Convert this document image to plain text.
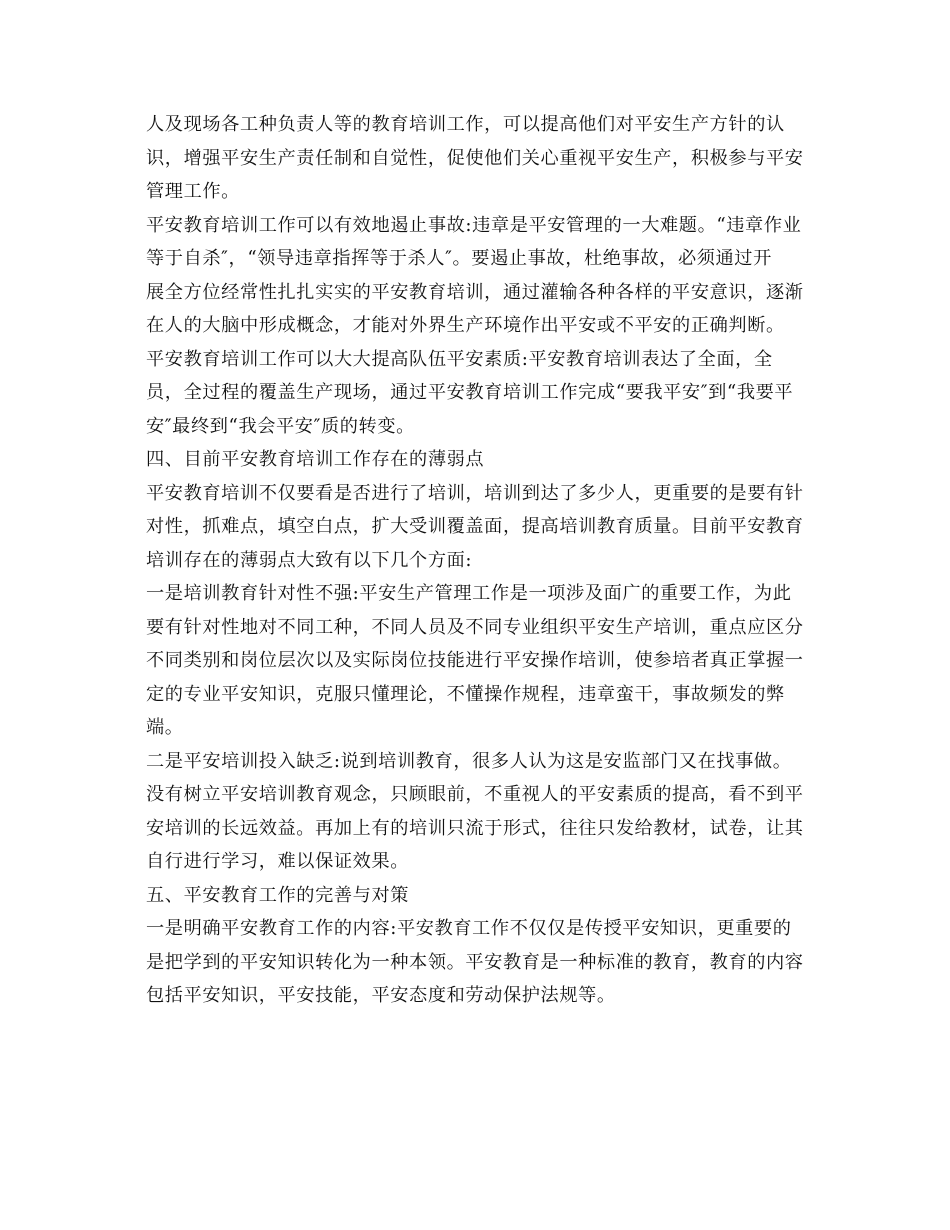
人及现场各工种负责人等的教育培训工作，可以提高他们对平安生产方针的认
识，增强平安生产责任制和自觉性，促使他们关心重视平安生产，积极参与平安
管理工作。
平安教育培训工作可以有效地遏止事故:违章是平安管理的一大难题。“违章作业
等于自杀″，“领导违章指挥等于杀人″。要遏止事故，杜绝事故，必须通过开
展全方位经常性扎扎实实的平安教育培训，通过灌输各种各样的平安意识，逐渐
在人的大脑中形成概念，才能对外界生产环境作出平安或不平安的正确判断。
平安教育培训工作可以大大提高队伍平安素质:平安教育培训表达了全面，全
员，全过程的覆盖生产现场，通过平安教育培训工作完成“要我平安″到“我要平
安″最终到“我会平安″质的转变。
四、目前平安教育培训工作存在的薄弱点
平安教育培训不仅要看是否进行了培训，培训到达了多少人，更重要的是要有针
对性，抓难点，填空白点，扩大受训覆盖面，提高培训教育质量。目前平安教育
培训存在的薄弱点大致有以下几个方面:
一是培训教育针对性不强:平安生产管理工作是一项涉及面广的重要工作，为此
要有针对性地对不同工种，不同人员及不同专业组织平安生产培训，重点应区分
不同类别和岗位层次以及实际岗位技能进行平安操作培训，使参培者真正掌握一
定的专业平安知识，克服只懂理论，不懂操作规程，违章蛮干，事故频发的弊
端。
二是平安培训投入缺乏:说到培训教育，很多人认为这是安监部门又在找事做。
没有树立平安培训教育观念，只顾眼前，不重视人的平安素质的提高，看不到平
安培训的长远效益。再加上有的培训只流于形式，往往只发给教材，试卷，让其
自行进行学习，难以保证效果。
五、平安教育工作的完善与对策
一是明确平安教育工作的内容:平安教育工作不仅仅是传授平安知识，更重要的
是把学到的平安知识转化为一种本领。平安教育是一种标准的教育，教育的内容
包括平安知识，平安技能，平安态度和劳动保护法规等。
